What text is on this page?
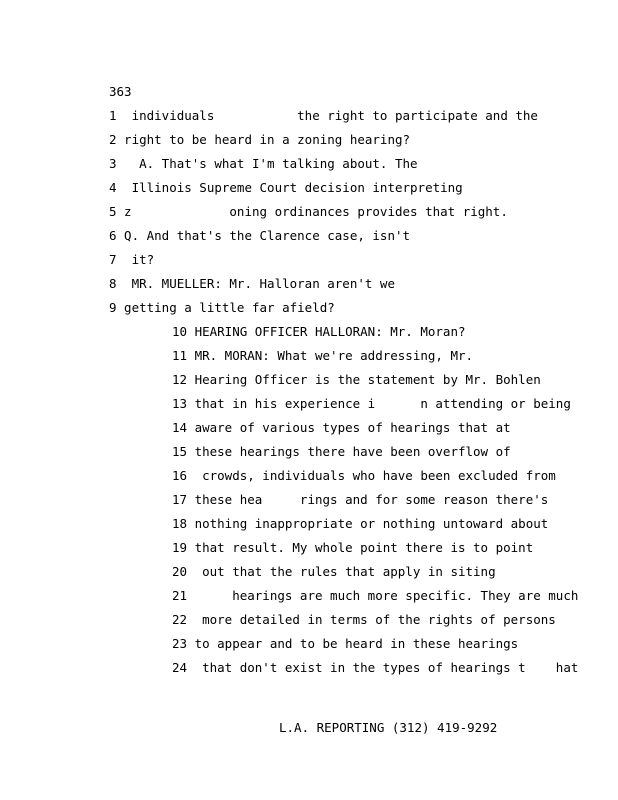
363
1  individuals           the right to participate and the
2 right to be heard in a zoning hearing?
3   A. That's what I'm talking about. The
4  Illinois Supreme Court decision interpreting
5 z             oning ordinances provides that right.
6 Q. And that's the Clarence case, isn't
7  it?
8  MR. MUELLER: Mr. Halloran aren't we
9 getting a little far afield?
10 HEARING OFFICER HALLORAN: Mr. Moran?
11 MR. MORAN: What we're addressing, Mr.
12 Hearing Officer is the statement by Mr. Bohlen
13 that in his experience i      n attending or being
14 aware of various types of hearings that at
15 these hearings there have been overflow of
16  crowds, individuals who have been excluded from
17 these hea     rings and for some reason there's
18 nothing inappropriate or nothing untoward about
19 that result. My whole point there is to point
20  out that the rules that apply in siting
21      hearings are much more specific. They are much
22  more detailed in terms of the rights of persons
23 to appear and to be heard in these hearings
24  that don't exist in the types of hearings t    hat
L.A. REPORTING (312) 419-9292
